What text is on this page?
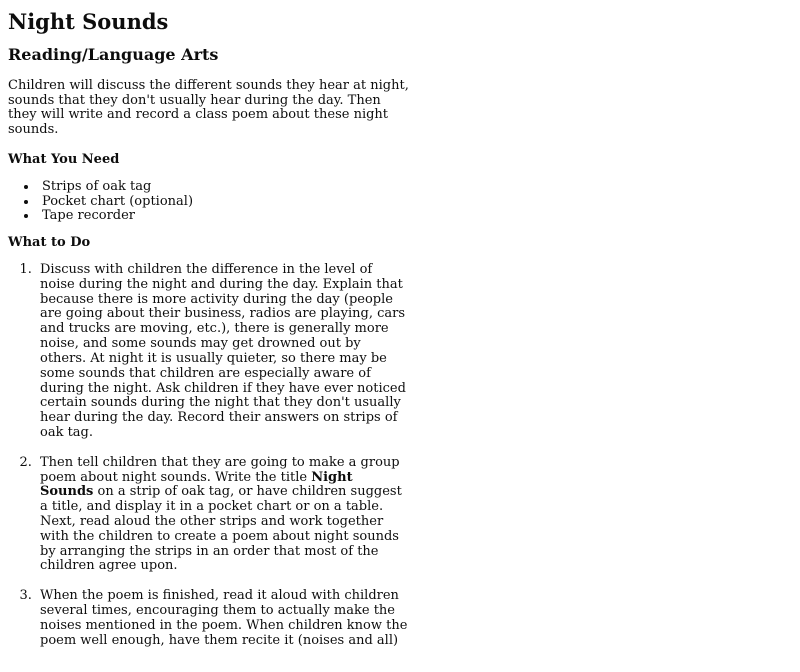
Night Sounds
Reading/Language Arts

Children will discuss the different sounds they hear at night, sounds that they don't usually hear during the day. Then they will write and record a class poem about these night sounds.

What You Need
• Strips of oak tag
• Pocket chart (optional)
• Tape recorder
What to Do
1. Discuss with children the difference in the level of noise during the night and during the day. Explain that because there is more activity during the day (people are going about their business, radios are playing, cars and trucks are moving, etc.), there is generally more noise, and some sounds may get drowned out by others. At night it is usually quieter, so there may be some sounds that children are especially aware of during the night. Ask children if they have ever noticed certain sounds during the night that they don't usually hear during the day. Record their answers on strips of oak tag.
2. Then tell children that they are going to make a group poem about night sounds. Write the title Night Sounds on a strip of oak tag, or have children suggest a title, and display it in a pocket chart or on a table. Next, read aloud the other strips and work together with the children to create a poem about night sounds by arranging the strips in an order that most of the children agree upon.
3. When the poem is finished, read it aloud with children several times, encouraging them to actually make the noises mentioned in the poem. When children know the poem well enough, have them recite it (noises and all)
